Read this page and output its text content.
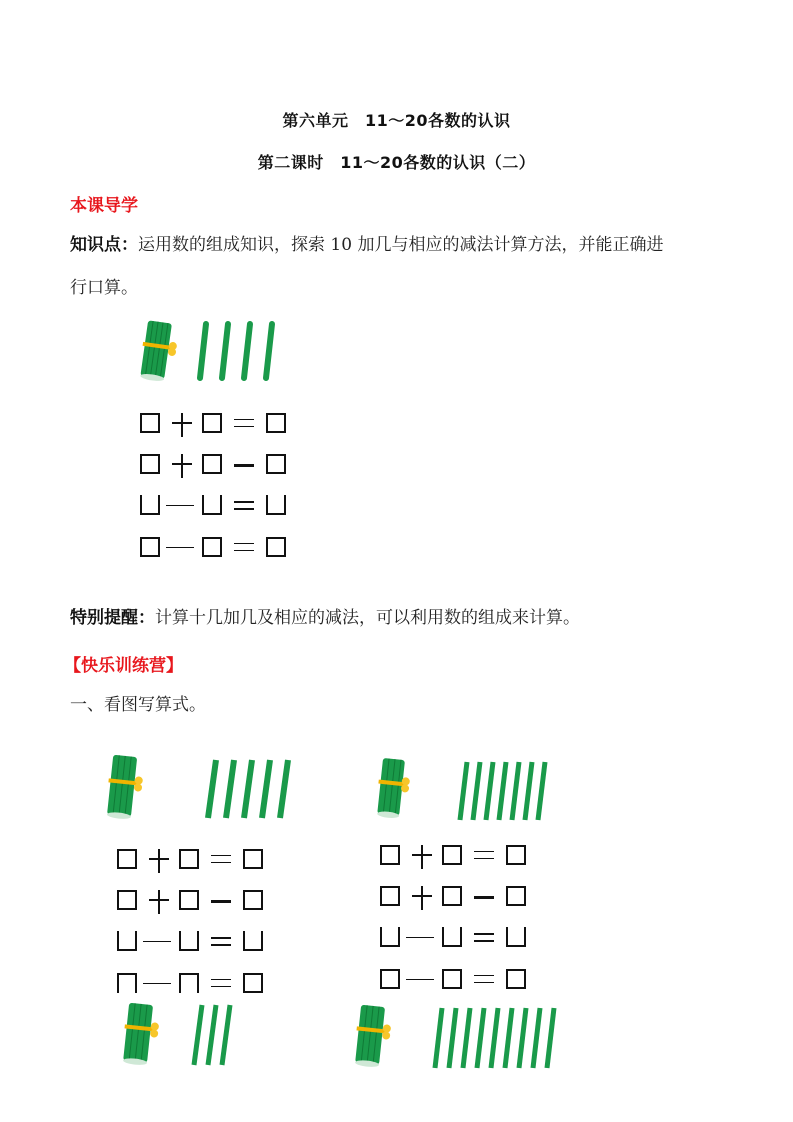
第六单元　11～20各数的认识
第二课时　11～20各数的认识（二）
本课导学
知识点：运用数的组成知识，探索 10 加几与相应的减法计算方法，并能正确进
行口算。
特别提醒：计算十几加几及相应的减法，可以利用数的组成来计算。
【快乐训练营】
一、看图写算式。
